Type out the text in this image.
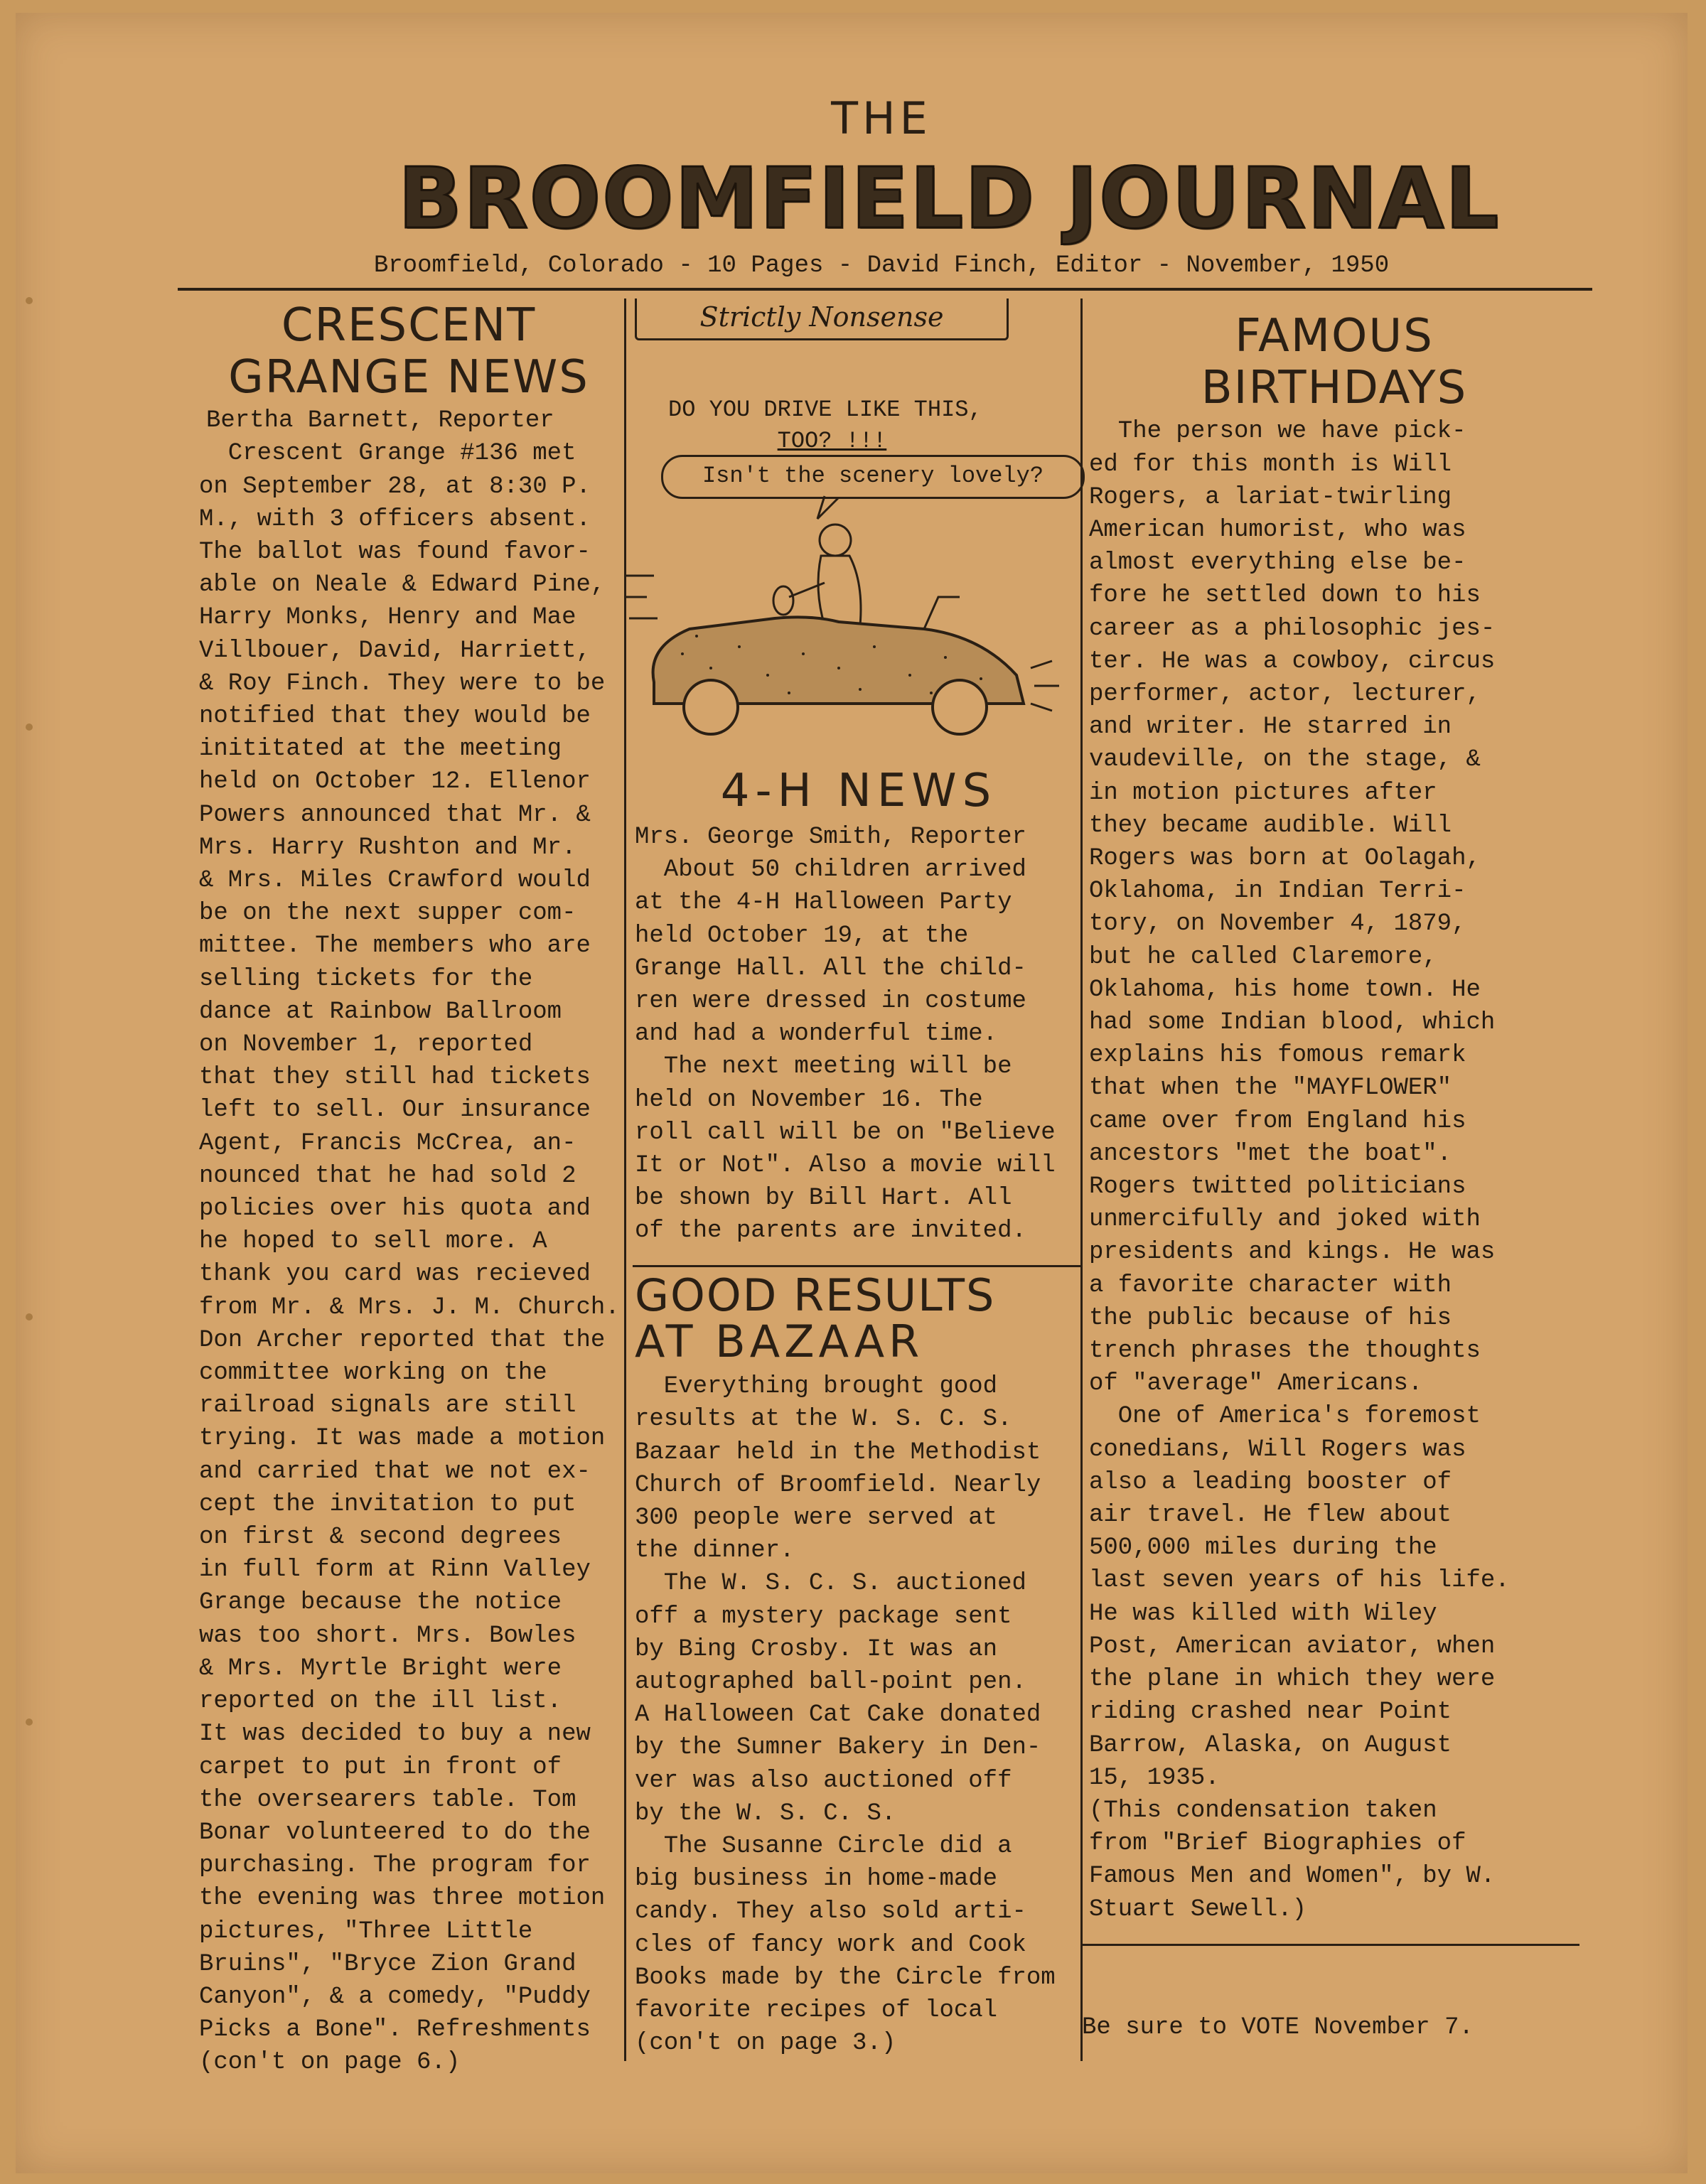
THE
BROOMFIELD JOURNAL
Broomfield, Colorado - 10 Pages - David Finch, Editor - November, 1950
CRESCENT
GRANGE NEWS
Bertha Barnett, Reporter
Crescent Grange #136 met
on September 28, at 8:30 P.
M., with 3 officers absent.
The ballot was found favor-
able on Neale & Edward Pine,
Harry Monks, Henry and Mae
Villbouer, David, Harriett,
& Roy Finch. They were to be
notified that they would be
inititated at the meeting
held on October 12. Ellenor
Powers announced that Mr. &
Mrs. Harry Rushton and Mr.
& Mrs. Miles Crawford would
be on the next supper com-
mittee. The members who are
selling tickets for the
dance at Rainbow Ballroom
on November 1, reported
that they still had tickets
left to sell. Our insurance
Agent, Francis McCrea, an-
nounced that he had sold 2
policies over his quota and
he hoped to sell more. A
thank you card was recieved
from Mr. & Mrs. J. M. Church.
Don Archer reported that the
committee working on the
railroad signals are still
trying. It was made a motion
and carried that we not ex-
cept the invitation to put
on first & second degrees
in full form at Rinn Valley
Grange because the notice
was too short. Mrs. Bowles
& Mrs. Myrtle Bright were
reported on the ill list.
It was decided to buy a new
carpet to put in front of
the oversearers table. Tom
Bonar volunteered to do the
purchasing. The program for
the evening was three motion
pictures, "Three Little
Bruins", "Bryce Zion Grand
Canyon", & a comedy, "Puddy
Picks a Bone". Refreshments
(con't on page 6.)
Strictly Nonsense
DO YOU DRIVE LIKE THIS,
TOO? !!!
Isn't the scenery lovely?
4-H NEWS
Mrs. George Smith, Reporter
About 50 children arrived
at the 4-H Halloween Party
held October 19, at the
Grange Hall. All the child-
ren were dressed in costume
and had a wonderful time.
The next meeting will be
held on November 16. The
roll call will be on "Believe
It or Not". Also a movie will
be shown by Bill Hart. All
of the parents are invited.
GOOD RESULTS
AT BAZAAR
Everything brought good
results at the W. S. C. S.
Bazaar held in the Methodist
Church of Broomfield. Nearly
300 people were served at
the dinner.
The W. S. C. S. auctioned
off a mystery package sent
by Bing Crosby. It was an
autographed ball-point pen.
A Halloween Cat Cake donated
by the Sumner Bakery in Den-
ver was also auctioned off
by the W. S. C. S.
The Susanne Circle did a
big business in home-made
candy. They also sold arti-
cles of fancy work and Cook
Books made by the Circle from
favorite recipes of local
(con't on page 3.)
FAMOUS
BIRTHDAYS
The person we have pick-
ed for this month is Will
Rogers, a lariat-twirling
American humorist, who was
almost everything else be-
fore he settled down to his
career as a philosophic jes-
ter. He was a cowboy, circus
performer, actor, lecturer,
and writer. He starred in
vaudeville, on the stage, &
in motion pictures after
they became audible. Will
Rogers was born at Oolagah,
Oklahoma, in Indian Terri-
tory, on November 4, 1879,
but he called Claremore,
Oklahoma, his home town. He
had some Indian blood, which
explains his fomous remark
that when the "MAYFLOWER"
came over from England his
ancestors "met the boat".
Rogers twitted politicians
unmercifully and joked with
presidents and kings. He was
a favorite character with
the public because of his
trench phrases the thoughts
of "average" Americans.
One of America's foremost
conedians, Will Rogers was
also a leading booster of
air travel. He flew about
500,000 miles during the
last seven years of his life.
He was killed with Wiley
Post, American aviator, when
the plane in which they were
riding crashed near Point
Barrow, Alaska, on August
15, 1935.
(This condensation taken
from "Brief Biographies of
Famous Men and Women", by W.
Stuart Sewell.)
Be sure to VOTE November 7.
